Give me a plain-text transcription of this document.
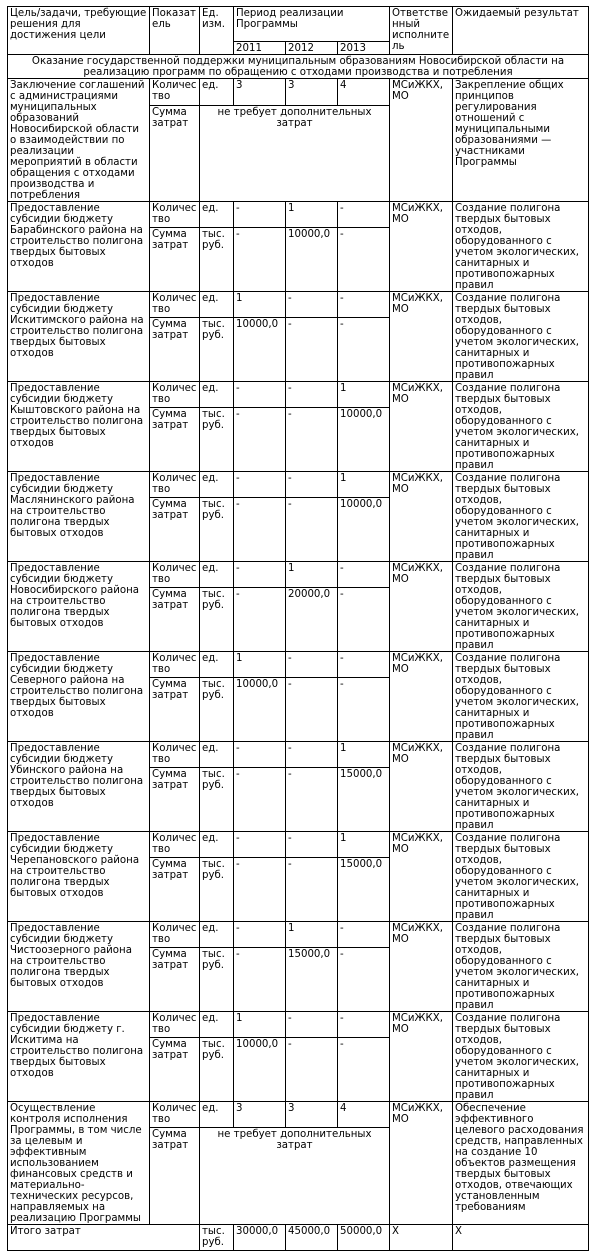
Цель/задачи, требующие решения для достижения цели	Показатель	Ед. изм.	Период реализации Программы			Ответственный исполнитель	Ожидаемый результат
			2011	2012	2013		
Оказание государственной поддержки муниципальным образованиям Новосибирской области на реализацию программ по обращению с отходами производства и потребления							
Заключение соглашений с администрациями муниципальных образований Новосибирской области о взаимодействии по реализации мероприятий в области обращения с отходами производства и потребления	Количество	ед.	3	3	4	МСиЖКХ, МО	Закрепление общих принципов регулирования отношений с муниципальными образованиями — участниками Программы
	Сумма затрат	не требует дополнительных затрат					
Предоставление субсидии бюджету Барабинского района на строительство полигона твердых бытовых отходов	Количество	ед.	-	1	-	МСиЖКХ, МО	Создание полигона твердых бытовых отходов, оборудованного с учетом экологических, санитарных и противопожарных правил
	Сумма затрат	тыс. руб.	-	10000,0	-		
Предоставление субсидии бюджету Искитимского района на строительство полигона твердых бытовых отходов	Количество	ед.	1	-	-	МСиЖКХ, МО	Создание полигона твердых бытовых отходов, оборудованного с учетом экологических, санитарных и противопожарных правил
	Сумма затрат	тыс. руб.	10000,0	-	-		
Предоставление субсидии бюджету Кыштовского района на строительство полигона твердых бытовых отходов	Количество	ед.	-	-	1	МСиЖКХ, МО	Создание полигона твердых бытовых отходов, оборудованного с учетом экологических, санитарных и противопожарных правил
	Сумма затрат	тыс. руб.	-	-	10000,0		
Предоставление субсидии бюджету Маслянинского района на строительство полигона твердых бытовых отходов	Количество	ед.	-	-	1	МСиЖКХ, МО	Создание полигона твердых бытовых отходов, оборудованного с учетом экологических, санитарных и противопожарных правил
	Сумма затрат	тыс. руб.	-	-	10000,0		
Предоставление субсидии бюджету Новосибирского района на строительство полигона твердых бытовых отходов	Количество	ед.	-	1	-	МСиЖКХ, МО	Создание полигона твердых бытовых отходов, оборудованного с учетом экологических, санитарных и противопожарных правил
	Сумма затрат	тыс. руб.	-	20000,0	-		
Предоставление субсидии бюджету Северного района на строительство полигона твердых бытовых отходов	Количество	ед.	1	-	-	МСиЖКХ, МО	Создание полигона твердых бытовых отходов, оборудованного с учетом экологических, санитарных и противопожарных правил
	Сумма затрат	тыс. руб.	10000,0	-	-		
Предоставление субсидии бюджету Убинского района на строительство полигона твердых бытовых отходов	Количество	ед.	-	-	1	МСиЖКХ, МО	Создание полигона твердых бытовых отходов, оборудованного с учетом экологических, санитарных и противопожарных правил
	Сумма затрат	тыс. руб.	-	-	15000,0		
Предоставление субсидии бюджету Черепановского района на строительство полигона твердых бытовых отходов	Количество	ед.	-	-	1	МСиЖКХ, МО	Создание полигона твердых бытовых отходов, оборудованного с учетом экологических, санитарных и противопожарных правил
	Сумма затрат	тыс. руб.	-	-	15000,0		
Предоставление субсидии бюджету Чистоозерного района на строительство полигона твердых бытовых отходов	Количество	ед.	-	1	-	МСиЖКХ, МО	Создание полигона твердых бытовых отходов, оборудованного с учетом экологических, санитарных и противопожарных правил
	Сумма затрат	тыс. руб.	-	15000,0	-		
Предоставление субсидии бюджету г. Искитима на строительство полигона твердых бытовых отходов	Количество	ед.	1	-	-	МСиЖКХ, МО	Создание полигона твердых бытовых отходов, оборудованного с учетом экологических, санитарных и противопожарных правил
	Сумма затрат	тыс. руб.	10000,0	-	-		
Осуществление контроля исполнения Программы, в том числе за целевым и эффективным использованием финансовых средств и материально-технических ресурсов, направляемых на реализацию Программы	Количество	ед.	3	3	4	МСиЖКХ, МО	Обеспечение эффективного целевого расходования средств, направленных на создание 10 объектов размещения твердых бытовых отходов, отвечающих установленным требованиям
	Сумма затрат	не требует дополнительных затрат					
Итого затрат		тыс. руб.	30000,0	45000,0	50000,0	Х	Х
